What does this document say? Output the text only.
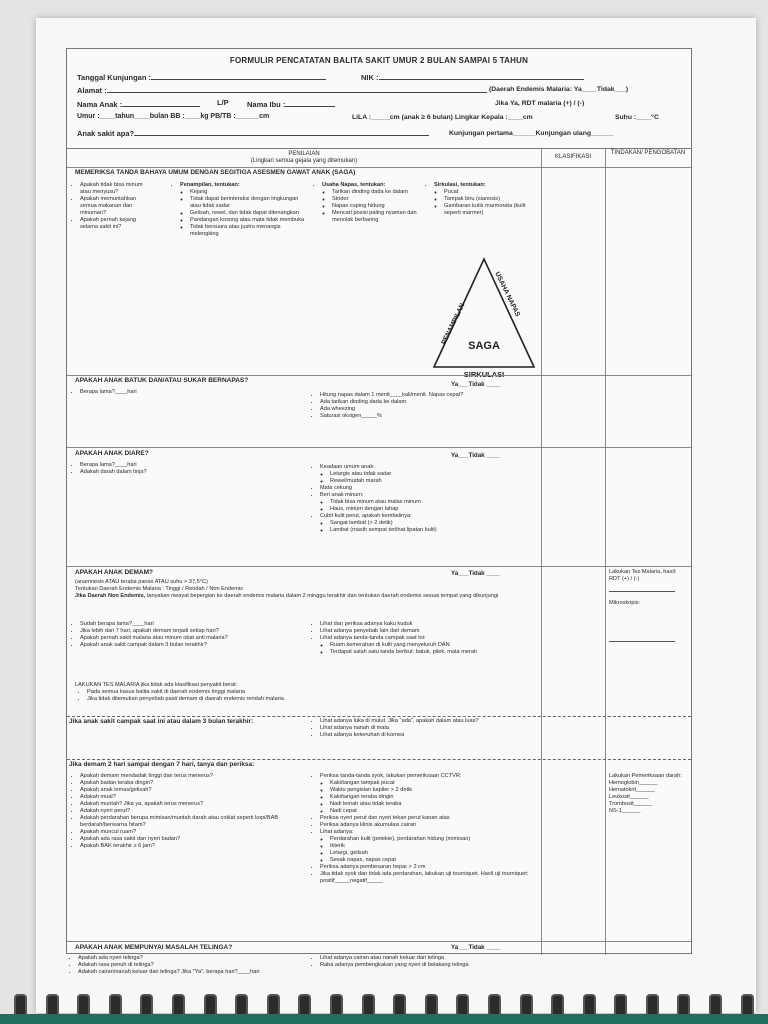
FORMULIR PENCATATAN BALITA SAKIT UMUR 2 BULAN SAMPAI 5 TAHUN
Tanggal Kunjungan :	NIK :
Alamat :	(Daerah Endemis Malaria: Ya____Tidak___)
Nama Anak :	L/P Nama Ibu :	Jika Ya, RDT malaria (+) / (-)
Umur :____tahun____bulan BB :____kg PB/TB :______cm	LiLA :_____cm (anak ≥ 6 bulan) Lingkar Kepala :____cm	Suhu :____°C
Anak sakit apa?	Kunjungan pertama______Kunjungan ulang______
PENILAIAN
(Lingkari semua gejala yang ditemukan)
KLASIFIKASI
TINDAKAN/ PENGOBATAN
MEMERIKSA TANDA BAHAYA UMUM DENGAN SEGITIGA ASESMEN GAWAT ANAK (SAGA)
• Apakah tidak bisa minum atau menyusu?
• Apakah memuntahkan semua makanan dan minuman?
• Apakah pernah kejang selama sakit ini?
• Penampilan, tentukan:
◦ Kejang
◦ Tidak dapat berinteraksi dengan lingkungan atau tidak sadar
◦ Gelisah, rewel, dan tidak dapat ditenangkan
◦ Pandangan kosong atau mata tidak membuka
◦ Tidak bersuara atau justru menangis melengking
• Usaha Napas, tentukan:
◦ Tarikan dinding dada ke dalam
◦ Stridor
◦ Napas cuping hidung
◦ Mencari posisi paling nyaman dan menolak berbaring
• Sirkulasi, tentukan:
◦ Pucat
◦ Tampak biru (sianosis)
◦ Gambaran kutis marmorata (kulit seperti marmer)
SAGA
PENAMPILAN
USAHA NAPAS
SIRKULASI
APAKAH ANAK BATUK DAN/ATAU SUKAR BERNAPAS?
Ya___Tidak ____
• Berapa lama?____hari	• Hitung napas dalam 1 menit____kali/menit. Napas cepat?
• Ada tarikan dinding dada ke dalam
• Ada wheezing
• Saturasi oksigen_____%
APAKAH ANAK DIARE?	Ya___Tidak ____
• Berapa lama?____hari
• Adakah darah dalam tinja?
• Keadaan umum anak:
◦ Letargis atau tidak sadar
◦ Rewel/mudah marah
• Mata cekung
• Beri anak minum:
◦ Tidak bisa minum atau malas minum
◦ Haus, minum dengan lahap
• Cubit kulit perut, apakah kembalinya:
◦ Sangat lambat (> 2 detik)
◦ Lambat (masih sempat terlihat lipatan kulit)
APAKAH ANAK DEMAM?	Ya___Tidak ____
(anamnesis ATAU teraba panas ATAU suhu > 37,5°C)
Tentukan Daerah Endemis Malaria : Tinggi / Rendah / Non Endemis
Jika Daerah Non Endemis, tanyakan riwayat bepergian ke daerah endemis malaria dalam 2 minggu terakhir dan tentukan daerah endemis sesuai tempat yang dikunjungi
• Sudah berapa lama?____hari
• Jika lebih dari 7 hari, apakah demam terjadi setiap hari?
• Apakah pernah sakit malaria atau minum obat anti malaria?
• Apakah anak sakit campak dalam 3 bulan terakhir?
• Lihat dan periksa adanya kaku kuduk
• Lihat adanya penyebab lain dari demam
• Lihat adanya tanda-tanda campak saat ini:
◦ Ruam kemerahan di kulit yang menyeluruh DAN
◦ Terdapat salah satu tanda berikut: batuk, pilek, mata merah
LAKUKAN TES MALARIA jika tidak ada klasifikasi penyakit berat:
• Pada semua kasus balita sakit di daerah endemis tinggi malaria
• Jika tidak ditemukan penyebab pasti demam di daerah endemis rendah malaria
Lakukan Tes Malaria, hasil: RDT (+) / (-)
Mikroskopis:
Jika anak sakit campak saat ini atau dalam 3 bulan terakhir:	• Lihat adanya luka di mulut. Jika "ada", apakah dalam atau luas?
• Lihat adanya nanah di mata
• Lihat adanya kekeruhan di kornea
Jika demam 2 hari sampai dengan 7 hari, tanya dan periksa:
• Apakah demam mendadak tinggi dan terus menerus?
• Apakah badan teraba dingin?
• Apakah anak lemas/gelisah?
• Adakah mual?
• Adakah muntah? Jika ya, apakah terus menerus?
• Adakah nyeri perut?
• Adakah perdarahan berupa mimisan/muntah darah atau coklat seperti kopi/BAB berdarah/berwarna hitam?
• Apakah muncul ruam?
• Apakah ada rasa sakit dan nyeri badan?
• Apakah BAK terakhir ≥ 6 jam?
• Periksa tanda-tanda syok, lakukan pemeriksaan CCTVR:
◦ Kaki/tangan tampak pucat
◦ Waktu pengisian kapiler > 2 detik
◦ Kaki/tangan teraba dingin
◦ Nadi lemah atau tidak teraba
◦ Nadi cepat
• Periksa nyeri perut dan nyeri tekan perut kanan atas
• Periksa adanya klinis akumulasi cairan
• Lihat adanya:
◦ Perdarahan kulit (petekie), perdarahan hidung (mimisan)
◦ Ikterik
◦ Letargi, gelisah
◦ Sesak napas, napas cepat
• Periksa adanya pembesaran hepar > 2 cm
• Jika tidak syok dan tidak ada perdarahan, lakukan uji tourniquet. Hasil uji tourniquet: positif_____negatif_____
Lakukan Pemeriksaan darah:
Hemoglobin______
Hematokrit______
Leukosit______
Trombosit______
NS-1______
APAKAH ANAK MEMPUNYAI MASALAH TELINGA?	Ya___Tidak ____
• Apakah ada nyeri telinga?
• Adakah rasa penuh di telinga?
• Adakah cairan/nanah keluar dari telinga? Jika "Ya", berapa hari?____hari
• Lihat adanya cairan atau nanah keluar dari telinga
• Raba adanya pembengkakan yang nyeri di belakang telinga
